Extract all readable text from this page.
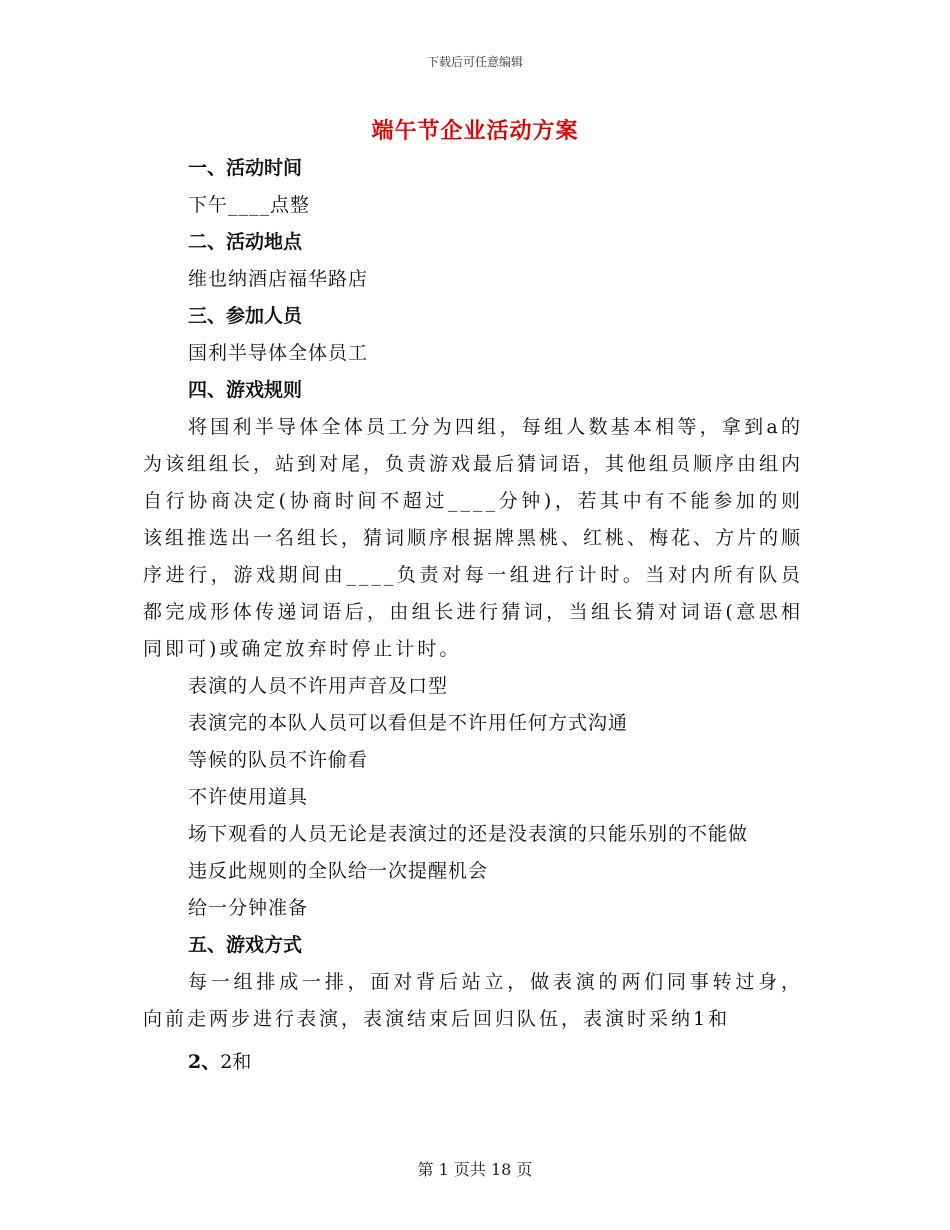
下载后可任意编辑
端午节企业活动方案
一、活动时间
下午____点整
二、活动地点
维也纳酒店福华路店
三、参加人员
国利半导体全体员工
四、游戏规则
将国利半导体全体员工分为四组，每组人数基本相等，拿到a的为该组组长，站到对尾，负责游戏最后猜词语，其他组员顺序由组内自行协商决定(协商时间不超过____分钟)，若其中有不能参加的则该组推选出一名组长，猜词顺序根据牌黑桃、红桃、梅花、方片的顺序进行，游戏期间由____负责对每一组进行计时。当对内所有队员都完成形体传递词语后，由组长进行猜词，当组长猜对词语(意思相同即可)或确定放弃时停止计时。
表演的人员不许用声音及口型
表演完的本队人员可以看但是不许用任何方式沟通
等候的队员不许偷看
不许使用道具
场下观看的人员无论是表演过的还是没表演的只能乐别的不能做
违反此规则的全队给一次提醒机会
给一分钟准备
五、游戏方式
每一组排成一排，面对背后站立，做表演的两们同事转过身，向前走两步进行表演，表演结束后回归队伍，表演时采纳1和
2、2和
第 1 页共 18 页
